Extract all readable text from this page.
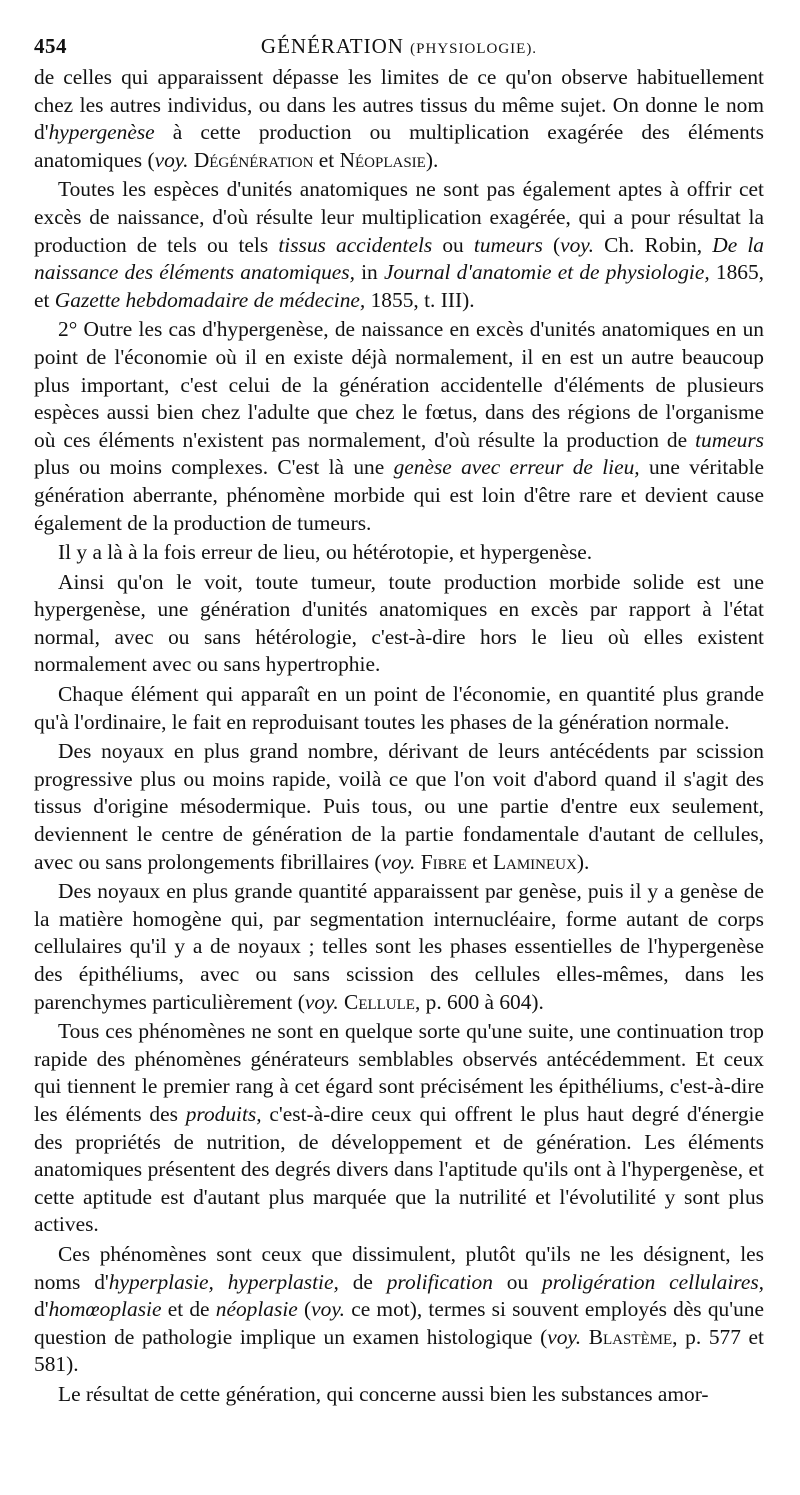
454	GÉNÉRATION (PHYSIOLOGIE).

de celles qui apparaissent dépasse les limites de ce qu'on observe habituellement chez les autres individus, ou dans les autres tissus du même sujet. On donne le nom d'hypergenèse à cette production ou multiplication exagérée des éléments anatomiques (voy. Dégénération et Néoplasie).

Toutes les espèces d'unités anatomiques ne sont pas également aptes à offrir cet excès de naissance, d'où résulte leur multiplication exagérée, qui a pour résultat la production de tels ou tels tissus accidentels ou tumeurs (voy. Ch. Robin, De la naissance des éléments anatomiques, in Journal d'anatomie et de physiologie, 1865, et Gazette hebdomadaire de médecine, 1855, t. III).

2° Outre les cas d'hypergenèse, de naissance en excès d'unités anatomiques en un point de l'économie où il en existe déjà normalement, il en est un autre beaucoup plus important, c'est celui de la génération accidentelle d'éléments de plusieurs espèces aussi bien chez l'adulte que chez le fœtus, dans des régions de l'organisme où ces éléments n'existent pas normalement, d'où résulte la production de tumeurs plus ou moins complexes. C'est là une genèse avec erreur de lieu, une véritable génération aberrante, phénomène morbide qui est loin d'être rare et devient cause également de la production de tumeurs.

Il y a là à la fois erreur de lieu, ou hétérotopie, et hypergenèse.

Ainsi qu'on le voit, toute tumeur, toute production morbide solide est une hypergenèse, une génération d'unités anatomiques en excès par rapport à l'état normal, avec ou sans hétérologie, c'est-à-dire hors le lieu où elles existent normalement avec ou sans hypertrophie.

Chaque élément qui apparaît en un point de l'économie, en quantité plus grande qu'à l'ordinaire, le fait en reproduisant toutes les phases de la génération normale.

Des noyaux en plus grand nombre, dérivant de leurs antécédents par scission progressive plus ou moins rapide, voilà ce que l'on voit d'abord quand il s'agit des tissus d'origine mésodermique. Puis tous, ou une partie d'entre eux seulement, deviennent le centre de génération de la partie fondamentale d'autant de cellules, avec ou sans prolongements fibrillaires (voy. Fibre et Lamineux).

Des noyaux en plus grande quantité apparaissent par genèse, puis il y a genèse de la matière homogène qui, par segmentation internucléaire, forme autant de corps cellulaires qu'il y a de noyaux ; telles sont les phases essentielles de l'hypergenèse des épithéliums, avec ou sans scission des cellules elles-mêmes, dans les parenchymes particulièrement (voy. Cellule, p. 600 à 604).

Tous ces phénomènes ne sont en quelque sorte qu'une suite, une continuation trop rapide des phénomènes générateurs semblables observés antécédemment. Et ceux qui tiennent le premier rang à cet égard sont précisément les épithéliums, c'est-à-dire les éléments des produits, c'est-à-dire ceux qui offrent le plus haut degré d'énergie des propriétés de nutrition, de développement et de génération. Les éléments anatomiques présentent des degrés divers dans l'aptitude qu'ils ont à l'hypergenèse, et cette aptitude est d'autant plus marquée que la nutrilité et l'évolutilité y sont plus actives.

Ces phénomènes sont ceux que dissimulent, plutôt qu'ils ne les désignent, les noms d'hyperplasie, hyperplastie, de prolification ou proligération cellulaires, d'homœoplasie et de néoplasie (voy. ce mot), termes si souvent employés dès qu'une question de pathologie implique un examen histologique (voy. Blastème, p. 577 et 581).

Le résultat de cette génération, qui concerne aussi bien les substances amor-
